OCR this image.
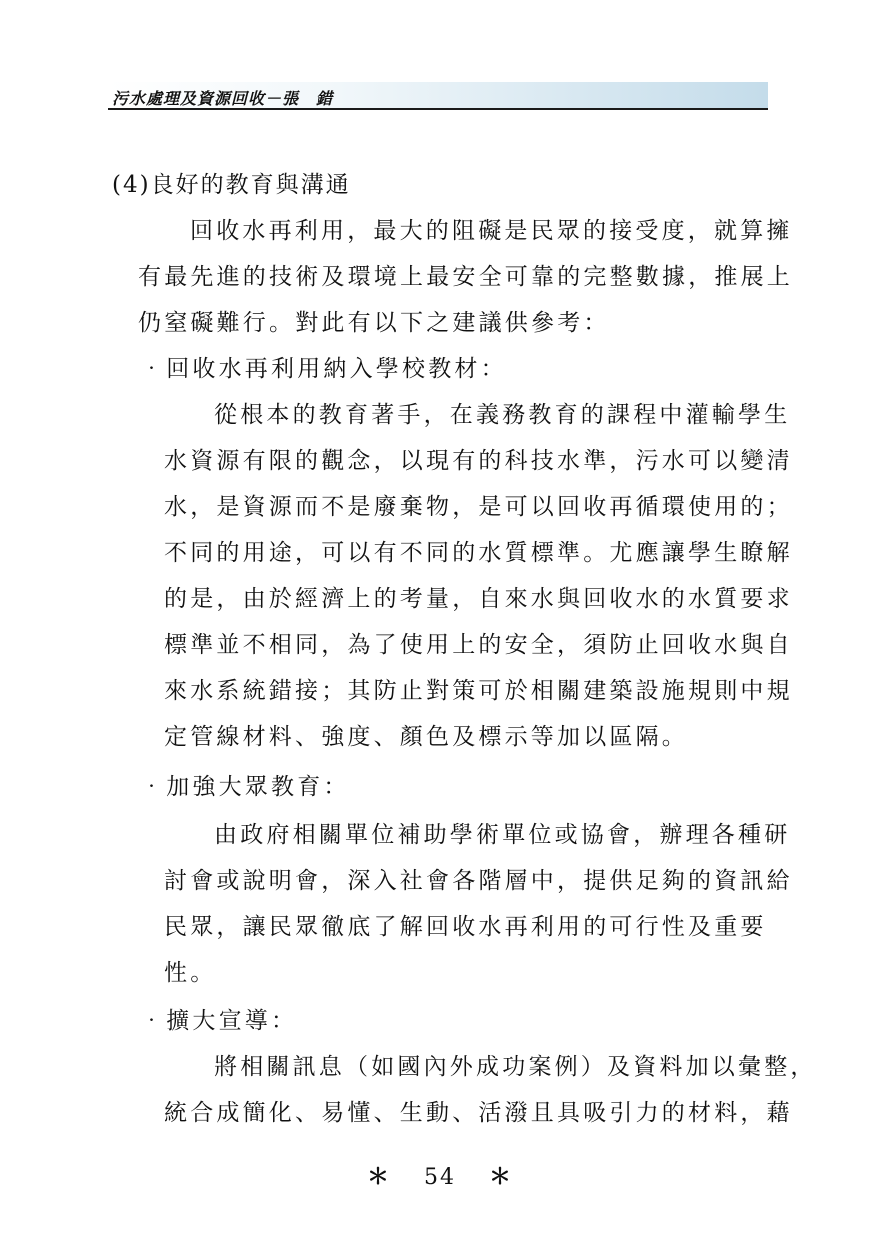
污水處理及資源回收－張　錯
(4)良好的教育與溝通
回收水再利用，最大的阻礙是民眾的接受度，就算擁
有最先進的技術及環境上最安全可靠的完整數據，推展上
仍窒礙難行。對此有以下之建議供參考：
‧回收水再利用納入學校教材：
從根本的教育著手，在義務教育的課程中灌輸學生
水資源有限的觀念，以現有的科技水準，污水可以變清
水，是資源而不是廢棄物，是可以回收再循環使用的；
不同的用途，可以有不同的水質標準。尤應讓學生瞭解
的是，由於經濟上的考量，自來水與回收水的水質要求
標準並不相同，為了使用上的安全，須防止回收水與自
來水系統錯接；其防止對策可於相關建築設施規則中規
定管線材料、強度、顏色及標示等加以區隔。
‧加強大眾教育：
由政府相關單位補助學術單位或協會，辦理各種研
討會或說明會，深入社會各階層中，提供足夠的資訊給
民眾，讓民眾徹底了解回收水再利用的可行性及重要
性。
‧擴大宣導：
將相關訊息（如國內外成功案例）及資料加以彙整，
統合成簡化、易懂、生動、活潑且具吸引力的材料，藉
＊ 54 ＊
